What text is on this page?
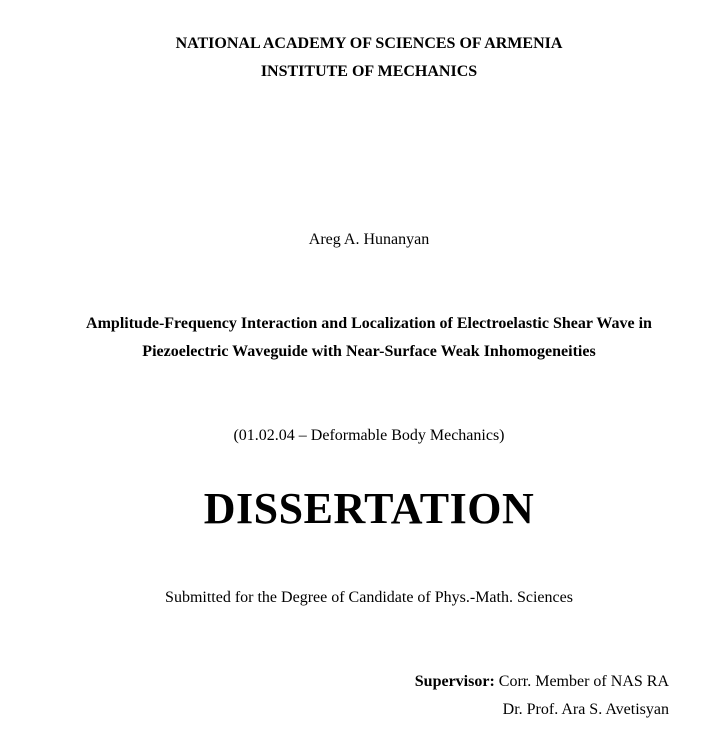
NATIONAL ACADEMY OF SCIENCES OF ARMENIA
INSTITUTE OF MECHANICS
Areg A. Hunanyan
Amplitude-Frequency Interaction and Localization of Electroelastic Shear Wave in
Piezoelectric Waveguide with Near-Surface Weak Inhomogeneities
(01.02.04 – Deformable Body Mechanics)
DISSERTATION
Submitted for the Degree of Candidate of Phys.-Math. Sciences
Supervisor: Corr. Member of NAS RA
Dr. Prof. Ara S. Avetisyan
